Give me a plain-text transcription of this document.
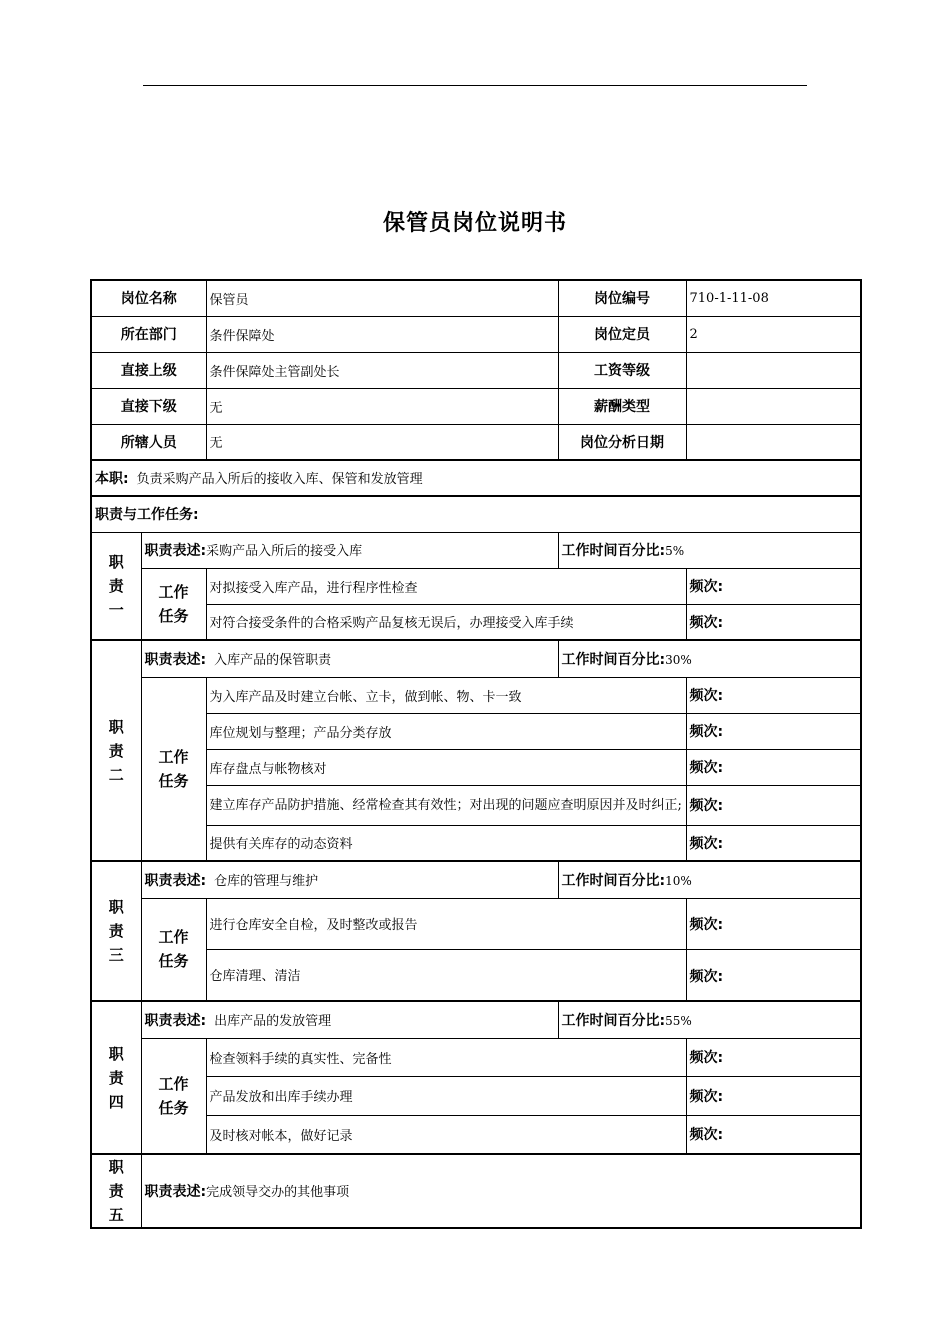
保管员岗位说明书
岗位名称		保管员	岗位编号	710-1-11-08
所在部门		条件保障处	岗位定员	2
直接上级		条件保障处主管副处长	工资等级	
直接下级		无	薪酬类型	
所辖人员		无	岗位分析日期	
本职: 负责采购产品入所后的接收入库、保管和发放管理				
职责与工作任务:				

职
责
一	职责表述:采购产品入所后的接受入库		工作时间百分比:5%	

	工作
任务	对拟接受入库产品，进行程序性检查		频次:
		对符合接受条件的合格采购产品复核无误后，办理接受入库手续		频次:

职
责
二	职责表述: 入库产品的保管职责		工作时间百分比:30%	

	工作
任务	为入库产品及时建立台帐、立卡，做到帐、物、卡一致		频次:
		库位规划与整理；产品分类存放		频次:
		库存盘点与帐物核对		频次:
		建立库存产品防护措施、经常检查其有效性；对出现的问题应查明原因并及时纠正;		频次:
		提供有关库存的动态资料		频次:

职
责
三	职责表述: 仓库的管理与维护		工作时间百分比:10%	

	工作
任务	进行仓库安全自检，及时整改或报告		频次:
		仓库清理、清洁		频次:

职
责
四	职责表述: 出库产品的发放管理		工作时间百分比:55%	

	工作
任务	检查领料手续的真实性、完备性		频次:
		产品发放和出库手续办理		频次:
		及时核对帐本，做好记录		频次:

职
责
五	职责表述:完成领导交办的其他事项			
